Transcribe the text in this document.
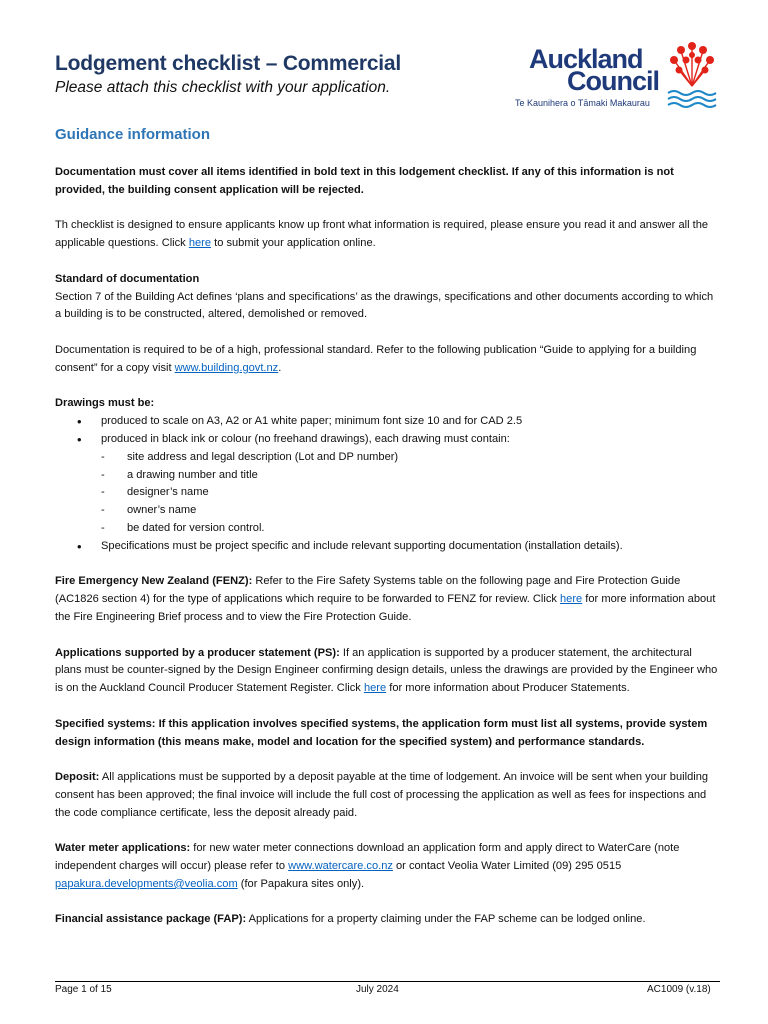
Lodgement checklist – Commercial
Please attach this checklist with your application.
Auckland
Council
Te Kaunihera o Tāmaki Makaurau
Guidance information

Documentation must cover all items identified in bold text in this lodgement checklist. If any of this information is not provided, the building consent application will be rejected.

Th checklist is designed to ensure applicants know up front what information is required, please ensure you read it and answer all the applicable questions. Click here to submit your application online.

Standard of documentation

Section 7 of the Building Act defines ‘plans and specifications’ as the drawings, specifications and other documents according to which a building is to be constructed, altered, demolished or removed.

Documentation is required to be of a high, professional standard. Refer to the following publication “Guide to applying for a building consent” for a copy visit www.building.govt.nz.

Drawings must be:
• produced to scale on A3, A2 or A1 white paper; minimum font size 10 and for CAD 2.5
• produced in black ink or colour (no freehand drawings), each drawing must contain:
- site address and legal description (Lot and DP number)
- a drawing number and title
- designer’s name
- owner’s name
- be dated for version control.
• Specifications must be project specific and include relevant supporting documentation (installation details).

Fire Emergency New Zealand (FENZ): Refer to the Fire Safety Systems table on the following page and Fire Protection Guide (AC1826 section 4) for the type of applications which require to be forwarded to FENZ for review. Click here for more information about the Fire Engineering Brief process and to view the Fire Protection Guide.

Applications supported by a producer statement (PS): If an application is supported by a producer statement, the architectural plans must be counter-signed by the Design Engineer confirming design details, unless the drawings are provided by the Engineer who is on the Auckland Council Producer Statement Register. Click here for more information about Producer Statements.

Specified systems: If this application involves specified systems, the application form must list all systems, provide system design information (this means make, model and location for the specified system) and performance standards.

Deposit: All applications must be supported by a deposit payable at the time of lodgement. An invoice will be sent when your building consent has been approved; the final invoice will include the full cost of processing the application as well as fees for inspections and the code compliance certificate, less the deposit already paid.

Water meter applications: for new water meter connections download an application form and apply direct to WaterCare (note independent charges will occur) please refer to www.watercare.co.nz or contact Veolia Water Limited (09) 295 0515 papakura.developments@veolia.com (for Papakura sites only).

Financial assistance package (FAP): Applications for a property claiming under the FAP scheme can be lodged online.

Page 1 of 15	July 2024	AC1009 (v.18)
